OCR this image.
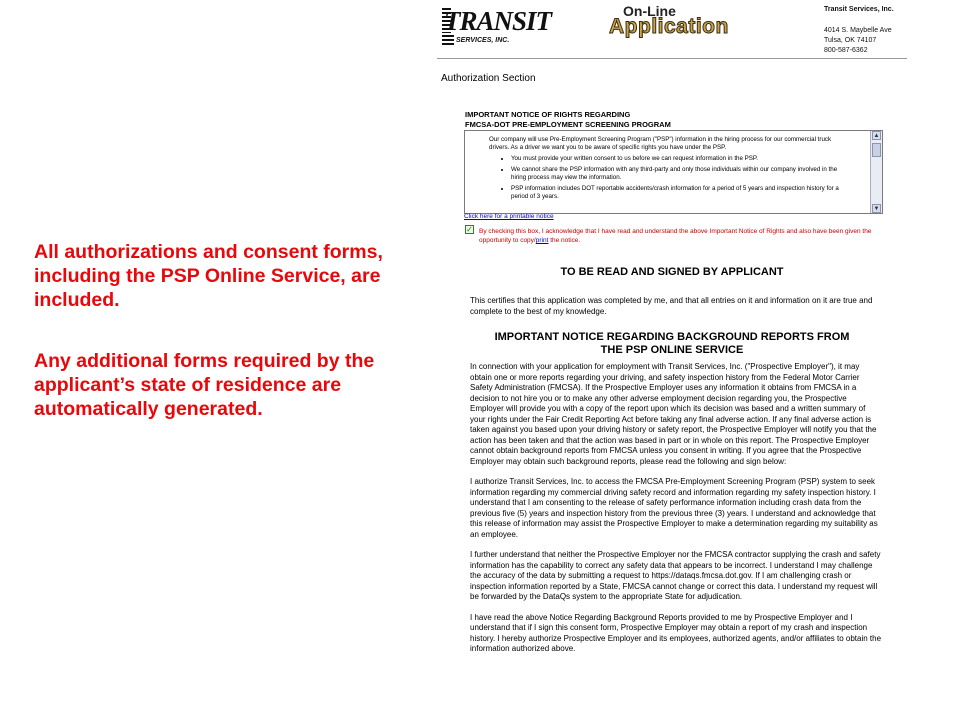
All authorizations and consent forms, including the PSP Online Service, are included.

Any additional forms required by the applicant’s state of residence are automatically generated.

TRANSIT
SERVICES, INC.
On-Line
Application
Transit Services, Inc.
4014 S. Maybelle Ave
Tulsa, OK 74107
800-587-6362
Authorization Section
IMPORTANT NOTICE OF RIGHTS REGARDING
FMCSA-DOT PRE-EMPLOYMENT SCREENING PROGRAM
Our company will use Pre-Employment Screening Program ("PSP") information in the hiring process for our commercial truck drivers. As a driver we want you to be aware of specific rights you have under the PSP.
• You must provide your written consent to us before we can request information in the PSP.
• We cannot share the PSP information with any third-party and only those individuals within our company involved in the hiring process may view the information.
• PSP information includes DOT reportable accidents/crash information for a period of 5 years and inspection history for a period of 3 years.
▲
▼
Click here for a printable notice
✓ By checking this box, I acknowledge that I have read and understand the above Important Notice of Rights and also have been given the opportunity to copy/print the notice.
TO BE READ AND SIGNED BY APPLICANT
This certifies that this application was completed by me, and that all entries on it and information on it are true and complete to the best of my knowledge.
IMPORTANT NOTICE REGARDING BACKGROUND REPORTS FROM
THE PSP ONLINE SERVICE

In connection with your application for employment with Transit Services, Inc. ("Prospective Employer"), it may obtain one or more reports regarding your driving, and safety inspection history from the Federal Motor Carrier Safety Administration (FMCSA). If the Prospective Employer uses any information it obtains from FMCSA in a decision to not hire you or to make any other adverse employment decision regarding you, the Prospective Employer will provide you with a copy of the report upon which its decision was based and a written summary of your rights under the Fair Credit Reporting Act before taking any final adverse action. If any final adverse action is taken against you based upon your driving history or safety report, the Prospective Employer will notify you that the action has been taken and that the action was based in part or in whole on this report. The Prospective Employer cannot obtain background reports from FMCSA unless you consent in writing. If you agree that the Prospective Employer may obtain such background reports, please read the following and sign below:

I authorize Transit Services, Inc. to access the FMCSA Pre-Employment Screening Program (PSP) system to seek information regarding my commercial driving safety record and information regarding my safety inspection history. I understand that I am consenting to the release of safety performance information including crash data from the previous five (5) years and inspection history from the previous three (3) years. I understand and acknowledge that this release of information may assist the Prospective Employer to make a determination regarding my suitability as an employee.

I further understand that neither the Prospective Employer nor the FMCSA contractor supplying the crash and safety information has the capability to correct any safety data that appears to be incorrect. I understand I may challenge the accuracy of the data by submitting a request to https://dataqs.fmcsa.dot.gov. If I am challenging crash or inspection information reported by a State, FMCSA cannot change or correct this data. I understand my request will be forwarded by the DataQs system to the appropriate State for adjudication.

I have read the above Notice Regarding Background Reports provided to me by Prospective Employer and I understand that if I sign this consent form, Prospective Employer may obtain a report of my crash and inspection history. I hereby authorize Prospective Employer and its employees, authorized agents, and/or affiliates to obtain the information authorized above.
